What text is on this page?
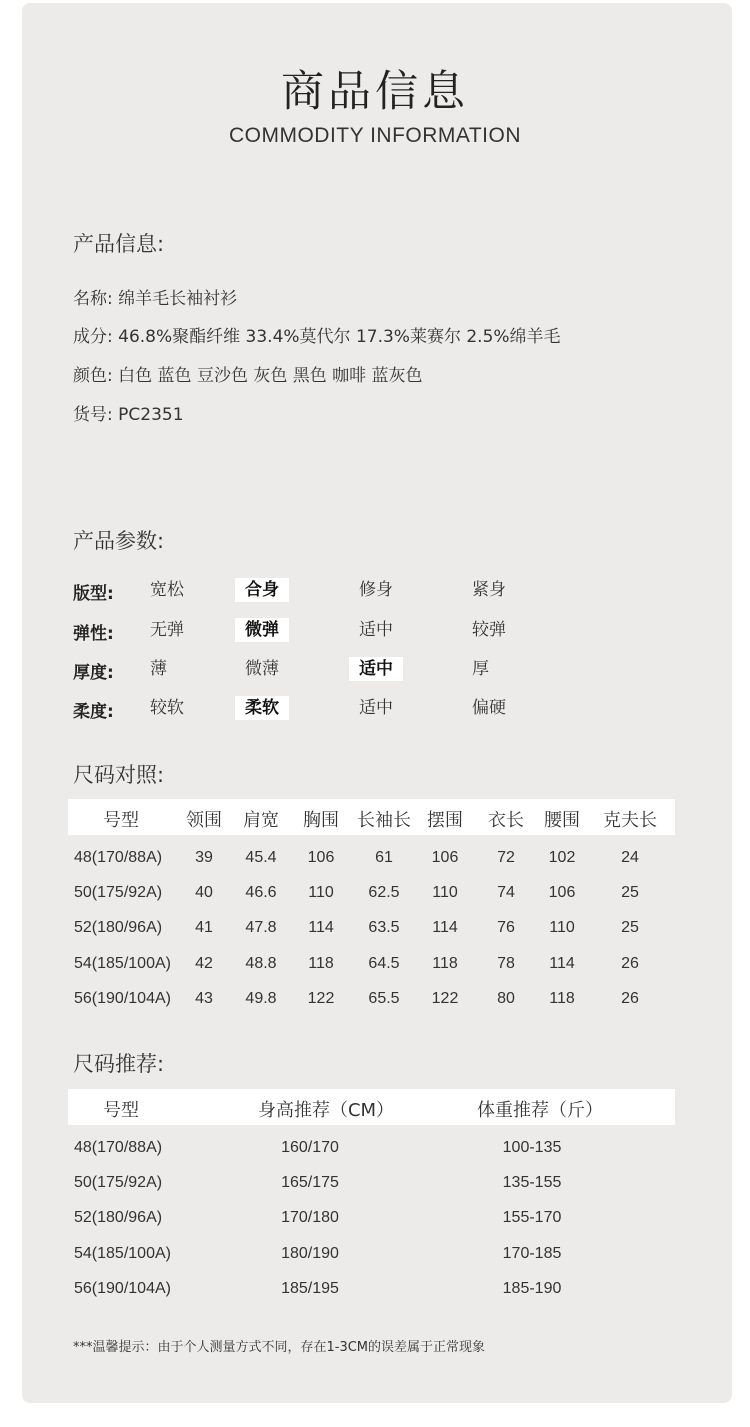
商品信息
COMMODITY INFORMATION
产品信息:
名称: 绵羊毛长袖衬衫
成分: 46.8%聚酯纤维 33.4%莫代尔 17.3%莱赛尔 2.5%绵羊毛
颜色: 白色 蓝色 豆沙色 灰色 黑色 咖啡 蓝灰色
货号: PC2351
产品参数:
版型:	宽松	合身	修身	紧身
弹性:	无弹	微弹	适中	较弹
厚度:	薄	微薄	适中	厚
柔度:	较软	柔软	适中	偏硬
尺码对照:
号型	领围 肩宽 胸围 长袖长 摆围 衣长 腰围 克夫长
48(170/88A) 39 45.4 106	61 106 72 102	24
50(175/92A) 40 46.6 110 62.5 110 74 106	25
52(180/96A) 41 47.8 114 63.5 114 76 110	25
54(185/100A) 42 48.8 118 64.5 118 78 114	26
56(190/104A) 43 49.8 122 65.5 122 80 118	26
尺码推荐:
号型	身高推荐（CM）	体重推荐（斤）
48(170/88A)	160/170	100-135
50(175/92A)	165/175	135-155
52(180/96A)	170/180	155-170
54(185/100A)	180/190	170-185
56(190/104A)	185/195	185-190
***温馨提示：由于个人测量方式不同，存在1-3CM的误差属于正常现象
